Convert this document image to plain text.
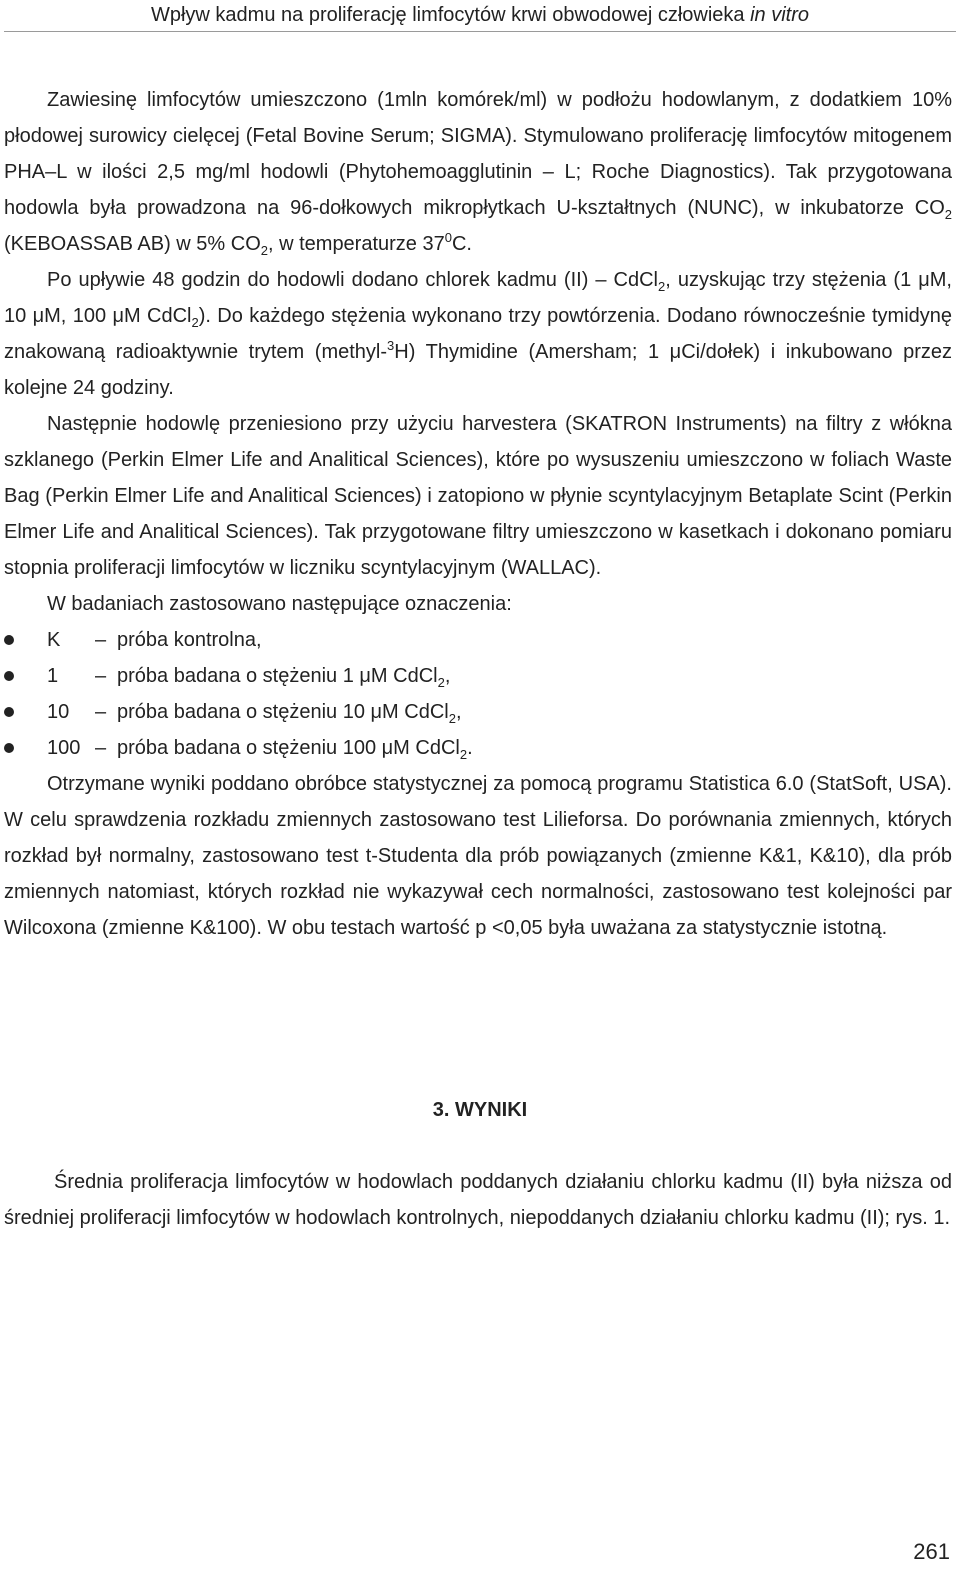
Wpływ kadmu na proliferację limfocytów krwi obwodowej człowieka in vitro

Zawiesinę limfocytów umieszczono (1mln komórek/ml) w podłożu hodowlanym, z dodatkiem 10% płodowej surowicy cielęcej (Fetal Bovine Serum; SIGMA). Stymulowano proliferację limfocytów mitogenem PHA–L w ilości 2,5 mg/ml hodowli (Phytohemoagglutinin – L; Roche Diagnostics). Tak przygotowana hodowla była prowadzona na 96-dołkowych mikropłytkach U-kształtnych (NUNC), w inkubatorze $CO_2$ (KEBOASSAB AB) w 5% $CO_2$, w temperaturze $37^0C$.

Po upływie 48 godzin do hodowli dodano chlorek kadmu (II) – CdCl$_2$, uzyskując trzy stężenia (1 μM, 10 μM, 100 μM CdCl$_2$). Do każdego stężenia wykonano trzy powtórzenia. Dodano równocześnie tymidynę znakowaną radioaktywnie trytem (methyl-$^3$H) Thymidine (Amersham; 1 μCi/dołek) i inkubowano przez kolejne 24 godziny.

Następnie hodowlę przeniesiono przy użyciu harvestera (SKATRON Instruments) na filtry z włókna szklanego (Perkin Elmer Life and Analitical Sciences), które po wysuszeniu umieszczono w foliach Waste Bag (Perkin Elmer Life and Analitical Sciences) i zatopiono w płynie scyntylacyjnym Betaplate Scint (Perkin Elmer Life and Analitical Sciences). Tak przygotowane filtry umieszczono w kasetkach i dokonano pomiaru stopnia proliferacji limfocytów w liczniku scyntylacyjnym (WALLAC).

W badaniach zastosowano następujące oznaczenia:

K – próba kontrolna,
1 – próba badana o stężeniu 1 μM CdCl$_2$,
10 – próba badana o stężeniu 10 μM CdCl$_2$,
100 – próba badana o stężeniu 100 μM CdCl$_2$.

Otrzymane wyniki poddano obróbce statystycznej za pomocą programu Statistica 6.0 (StatSoft, USA). W celu sprawdzenia rozkładu zmiennych zastosowano test Lilieforsa. Do porównania zmiennych, których rozkład był normalny, zastosowano test t-Studenta dla prób powiązanych (zmienne K&1, K&10), dla prób zmiennych natomiast, których rozkład nie wykazywał cech normalności, zastosowano test kolejności par Wilcoxona (zmienne K&100). W obu testach wartość p <0,05 była uważana za statystycznie istotną.

3. WYNIKI

Średnia proliferacja limfocytów w hodowlach poddanych działaniu chlorku kadmu (II) była niższa od średniej proliferacji limfocytów w hodowlach kontrolnych, niepoddanych działaniu chlorku kadmu (II); rys. 1.

261
